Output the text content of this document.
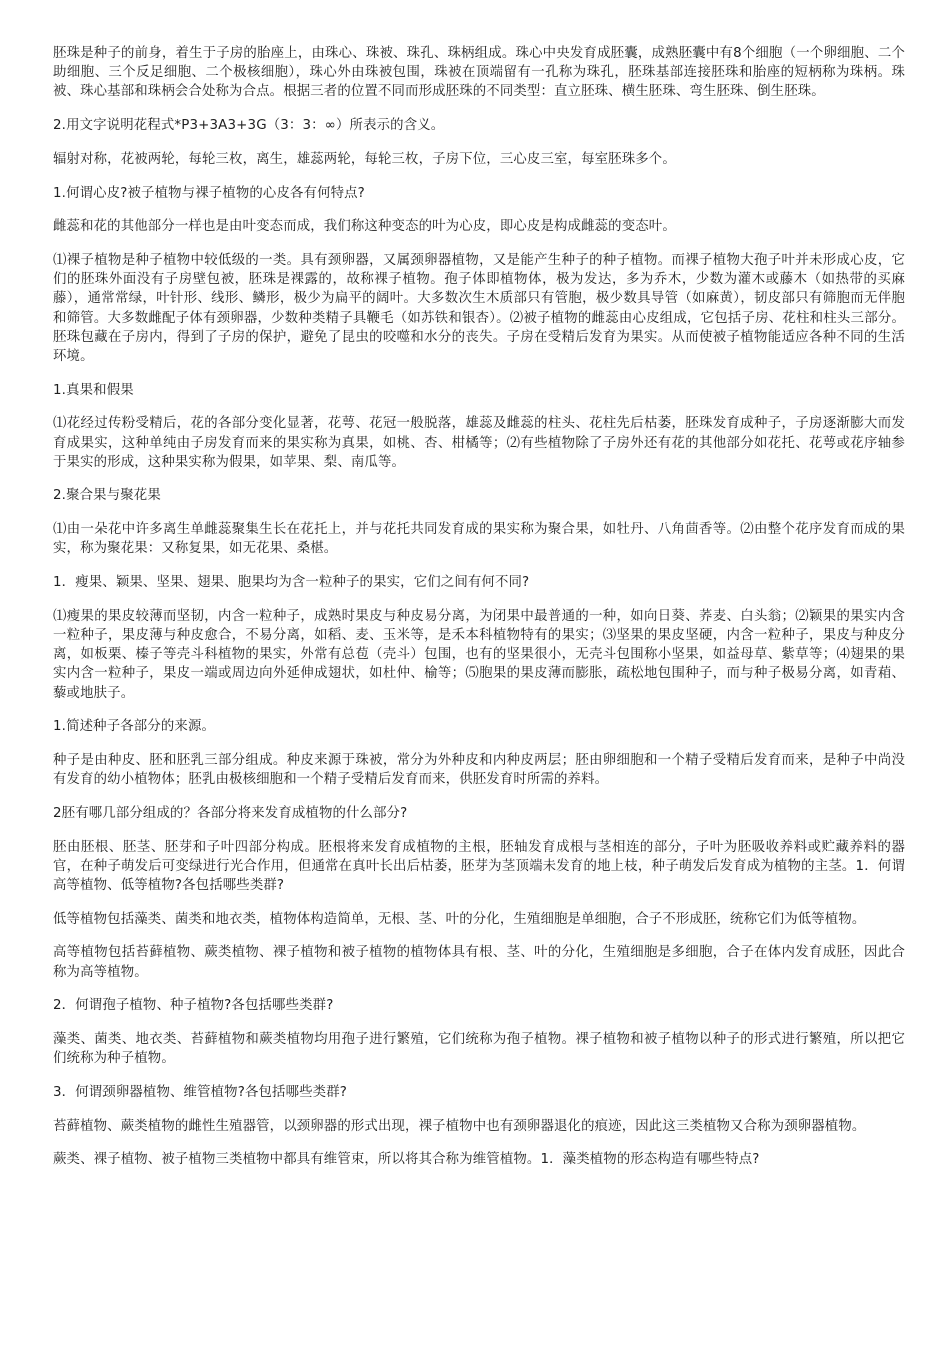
胚珠是种子的前身，着生于子房的胎座上，由珠心、珠被、珠孔、珠柄组成。珠心中央发育成胚囊，成熟胚囊中有8个细胞（一个卵细胞、二个助细胞、三个反足细胞、二个极核细胞），珠心外由珠被包围，珠被在顶端留有一孔称为珠孔，胚珠基部连接胚珠和胎座的短柄称为珠柄。珠被、珠心基部和珠柄会合处称为合点。根据三者的位置不同而形成胚珠的不同类型：直立胚珠、横生胚珠、弯生胚珠、倒生胚珠。

2.用文字说明花程式*P3+3A3+3G（3：3：∞）所表示的含义。

辐射对称，花被两轮，每轮三枚，离生，雄蕊两轮，每轮三枚，子房下位，三心皮三室，每室胚珠多个。

1.何谓心皮?被子植物与裸子植物的心皮各有何特点?

雌蕊和花的其他部分一样也是由叶变态而成，我们称这种变态的叶为心皮，即心皮是构成雌蕊的变态叶。

⑴裸子植物是种子植物中较低级的一类。具有颈卵器，又属颈卵器植物，又是能产生种子的种子植物。而裸子植物大孢子叶并未形成心皮，它们的胚珠外面没有子房壁包被，胚珠是裸露的，故称裸子植物。孢子体即植物体，极为发达，多为乔木，少数为灌木或藤木（如热带的买麻藤），通常常绿，叶针形、线形、鳞形，极少为扁平的阔叶。大多数次生木质部只有管胞，极少数具导管（如麻黄），韧皮部只有筛胞而无伴胞和筛管。大多数雌配子体有颈卵器，少数种类精子具鞭毛（如苏铁和银杏）。⑵被子植物的雌蕊由心皮组成，它包括子房、花柱和柱头三部分。胚珠包藏在子房内，得到了子房的保护，避免了昆虫的咬噬和水分的丧失。子房在受精后发育为果实。从而使被子植物能适应各种不同的生活环境。

1.真果和假果

⑴花经过传粉受精后，花的各部分变化显著，花萼、花冠一般脱落，雄蕊及雌蕊的柱头、花柱先后枯萎，胚珠发育成种子，子房逐渐膨大而发育成果实，这种单纯由子房发育而来的果实称为真果，如桃、杏、柑橘等；⑵有些植物除了子房外还有花的其他部分如花托、花萼或花序轴参于果实的形成，这种果实称为假果，如苹果、梨、南瓜等。

2.聚合果与聚花果

⑴由一朵花中许多离生单雌蕊聚集生长在花托上，并与花托共同发育成的果实称为聚合果，如牡丹、八角茴香等。⑵由整个花序发育而成的果实，称为聚花果：又称复果，如无花果、桑椹。

1．瘦果、颖果、坚果、翅果、胞果均为含一粒种子的果实，它们之间有何不同?

⑴瘦果的果皮较薄而坚韧，内含一粒种子，成熟时果皮与种皮易分离，为闭果中最普通的一种，如向日葵、荞麦、白头翁；⑵颖果的果实内含一粒种子，果皮薄与种皮愈合，不易分离，如稻、麦、玉米等，是禾本科植物特有的果实；⑶坚果的果皮坚硬，内含一粒种子，果皮与种皮分离，如板栗、榛子等壳斗科植物的果实，外常有总苞（壳斗）包围，也有的坚果很小，无壳斗包围称小坚果，如益母草、紫草等；⑷翅果的果实内含一粒种子，果皮一端或周边向外延伸成翅状，如杜仲、榆等；⑸胞果的果皮薄而膨胀，疏松地包围种子，而与种子极易分离，如青葙、藜或地肤子。

1.简述种子各部分的来源。

种子是由种皮、胚和胚乳三部分组成。种皮来源于珠被，常分为外种皮和内种皮两层；胚由卵细胞和一个精子受精后发育而来，是种子中尚没有发育的幼小植物体；胚乳由极核细胞和一个精子受精后发育而来，供胚发育时所需的养料。

2胚有哪几部分组成的？各部分将来发育成植物的什么部分?

胚由胚根、胚茎、胚芽和子叶四部分构成。胚根将来发育成植物的主根，胚轴发育成根与茎相连的部分，子叶为胚吸收养料或贮藏养料的器官，在种子萌发后可变绿进行光合作用，但通常在真叶长出后枯萎，胚芽为茎顶端未发育的地上枝，种子萌发后发育成为植物的主茎。1．何谓高等植物、低等植物?各包括哪些类群?

低等植物包括藻类、菌类和地衣类，植物体构造简单，无根、茎、叶的分化，生殖细胞是单细胞，合子不形成胚，统称它们为低等植物。

高等植物包括苔藓植物、蕨类植物、裸子植物和被子植物的植物体具有根、茎、叶的分化，生殖细胞是多细胞，合子在体内发育成胚，因此合称为高等植物。

2．何谓孢子植物、种子植物?各包括哪些类群?

藻类、菌类、地衣类、苔藓植物和蕨类植物均用孢子进行繁殖，它们统称为孢子植物。裸子植物和被子植物以种子的形式进行繁殖，所以把它们统称为种子植物。

3．何谓颈卵器植物、维管植物?各包括哪些类群?

苔藓植物、蕨类植物的雌性生殖器管，以颈卵器的形式出现，裸子植物中也有颈卵器退化的痕迹，因此这三类植物又合称为颈卵器植物。

蕨类、裸子植物、被子植物三类植物中都具有维管束，所以将其合称为维管植物。1．藻类植物的形态构造有哪些特点?
